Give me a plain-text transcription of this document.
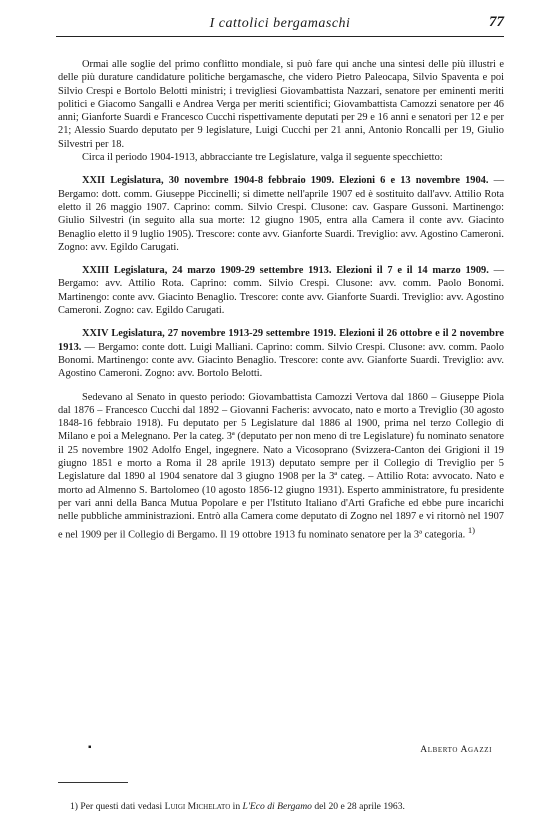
I cattolici bergamaschi	77

Ormai alle soglie del primo conflitto mondiale, si può fare qui anche una sintesi delle più illustri e delle più durature candidature politiche bergamasche, che videro Pietro Paleocapa, Silvio Spaventa e poi Silvio Crespi e Bortolo Belotti ministri; i trevigliesi Giovambattista Nazzari, senatore per eminenti meriti politici e Giacomo Sangalli e Andrea Verga per meriti scientifici; Giovambattista Camozzi senatore per 46 anni; Gianforte Suardi e Francesco Cucchi rispettivamente deputati per 29 e 16 anni e senatori per 12 e per 21; Alessio Suardo deputato per 9 legislature, Luigi Cucchi per 21 anni, Antonio Roncalli per 19, Giulio Silvestri per 18.

Circa il periodo 1904-1913, abbracciante tre Legislature, valga il seguente specchietto:

XXII Legislatura, 30 novembre 1904-8 febbraio 1909. Elezioni 6 e 13 novembre 1904. — Bergamo: dott. comm. Giuseppe Piccinelli; si dimette nell'aprile 1907 ed è sostituito dall'avv. Attilio Rota eletto il 26 maggio 1907. Caprino: comm. Silvio Crespi. Clusone: cav. Gaspare Gussoni. Martinengo: Giulio Silvestri (in seguito alla sua morte: 12 giugno 1905, entra alla Camera il conte avv. Giacinto Benaglio eletto il 9 luglio 1905). Trescore: conte avv. Gianforte Suardi. Treviglio: avv. Agostino Cameroni. Zogno: avv. Egildo Carugati.

XXIII Legislatura, 24 marzo 1909-29 settembre 1913. Elezioni il 7 e il 14 marzo 1909. — Bergamo: avv. Attilio Rota. Caprino: comm. Silvio Crespi. Clusone: avv. comm. Paolo Bonomi. Martinengo: conte avv. Giacinto Benaglio. Trescore: conte avv. Gianforte Suardi. Treviglio: avv. Agostino Cameroni. Zogno: cav. Egildo Carugati.

XXIV Legislatura, 27 novembre 1913-29 settembre 1919. Elezioni il 26 ottobre e il 2 novembre 1913. — Bergamo: conte dott. Luigi Malliani. Caprino: comm. Silvio Crespi. Clusone: avv. comm. Paolo Bonomi. Martinengo: conte avv. Giacinto Benaglio. Trescore: conte avv. Gianforte Suardi. Treviglio: avv. Agostino Cameroni. Zogno: avv. Bortolo Belotti.

Sedevano al Senato in questo periodo: Giovambattista Camozzi Vertova dal 1860 – Giuseppe Piola dal 1876 – Francesco Cucchi dal 1892 – Giovanni Facheris: avvocato, nato e morto a Treviglio (30 agosto 1848-16 febbraio 1918). Fu deputato per 5 Legislature dal 1886 al 1900, prima nel terzo Collegio di Milano e poi a Melegnano. Per la categ. 3ª (deputato per non meno di tre Legislature) fu nominato senatore il 25 novembre 1902 Adolfo Engel, ingegnere. Nato a Vicosoprano (Svizzera-Canton dei Grigioni il 19 giugno 1851 e morto a Roma il 28 aprile 1913) deputato sempre per il Collegio di Treviglio per 5 Legislature dal 1890 al 1904 senatore dal 3 giugno 1908 per la 3ª categ. – Attilio Rota: avvocato. Nato e morto ad Almenno S. Bartolomeo (10 agosto 1856-12 giugno 1931). Esperto amministratore, fu presidente per vari anni della Banca Mutua Popolare e per l'Istituto Italiano d'Arti Grafiche ed ebbe pure incarichi nelle pubbliche amministrazioni. Entrò alla Camera come deputato di Zogno nel 1897 e vi ritornò nel 1907 e nel 1909 per il Collegio di Bergamo. Il 19 ottobre 1913 fu nominato senatore per la 3ª categoria. $^{1)}$

▪	Alberto Agazzi

1) Per questi dati vedasi Luigi Michelato in L'Eco di Bergamo del 20 e 28 aprile 1963.
